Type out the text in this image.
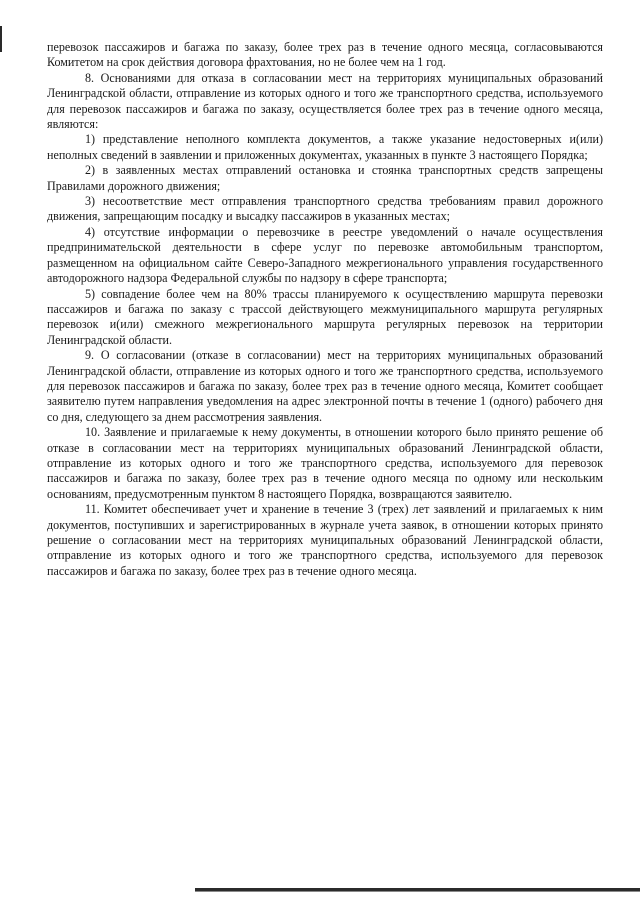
перевозок пассажиров и багажа по заказу, более трех раз в течение одного месяца, согласовываются Комитетом на срок действия договора фрахтования, но не более чем на 1 год.

8. Основаниями для отказа в согласовании мест на территориях муниципальных образований Ленинградской области, отправление из которых одного и того же транспортного средства, используемого для перевозок пассажиров и багажа по заказу, осуществляется более трех раз в течение одного месяца, являются:

1) представление неполного комплекта документов, а также указание недостоверных и(или) неполных сведений в заявлении и приложенных документах, указанных в пункте 3 настоящего Порядка;

2) в заявленных местах отправлений остановка и стоянка транспортных средств запрещены Правилами дорожного движения;

3) несоответствие мест отправления транспортного средства требованиям правил дорожного движения, запрещающим посадку и высадку пассажиров в указанных местах;

4) отсутствие информации о перевозчике в реестре уведомлений о начале осуществления предпринимательской деятельности в сфере услуг по перевозке автомобильным транспортом, размещенном на официальном сайте Северо-Западного межрегионального управления государственного автодорожного надзора Федеральной службы по надзору в сфере транспорта;

5) совпадение более чем на 80% трассы планируемого к осуществлению маршрута перевозки пассажиров и багажа по заказу с трассой действующего межмуниципального маршрута регулярных перевозок и(или) смежного межрегионального маршрута регулярных перевозок на территории Ленинградской области.

9. О согласовании (отказе в согласовании) мест на территориях муниципальных образований Ленинградской области, отправление из которых одного и того же транспортного средства, используемого для перевозок пассажиров и багажа по заказу, более трех раз в течение одного месяца, Комитет сообщает заявителю путем направления уведомления на адрес электронной почты в течение 1 (одного) рабочего дня со дня, следующего за днем рассмотрения заявления.

10. Заявление и прилагаемые к нему документы, в отношении которого было принято решение об отказе в согласовании мест на территориях муниципальных образований Ленинградской области, отправление из которых одного и того же транспортного средства, используемого для перевозок пассажиров и багажа по заказу, более трех раз в течение одного месяца по одному или нескольким основаниям, предусмотренным пунктом 8 настоящего Порядка, возвращаются заявителю.

11. Комитет обеспечивает учет и хранение в течение 3 (трех) лет заявлений и прилагаемых к ним документов, поступивших и зарегистрированных в журнале учета заявок, в отношении которых принято решение о согласовании мест на территориях муниципальных образований Ленинградской области, отправление из которых одного и того же транспортного средства, используемого для перевозок пассажиров и багажа по заказу, более трех раз в течение одного месяца.
